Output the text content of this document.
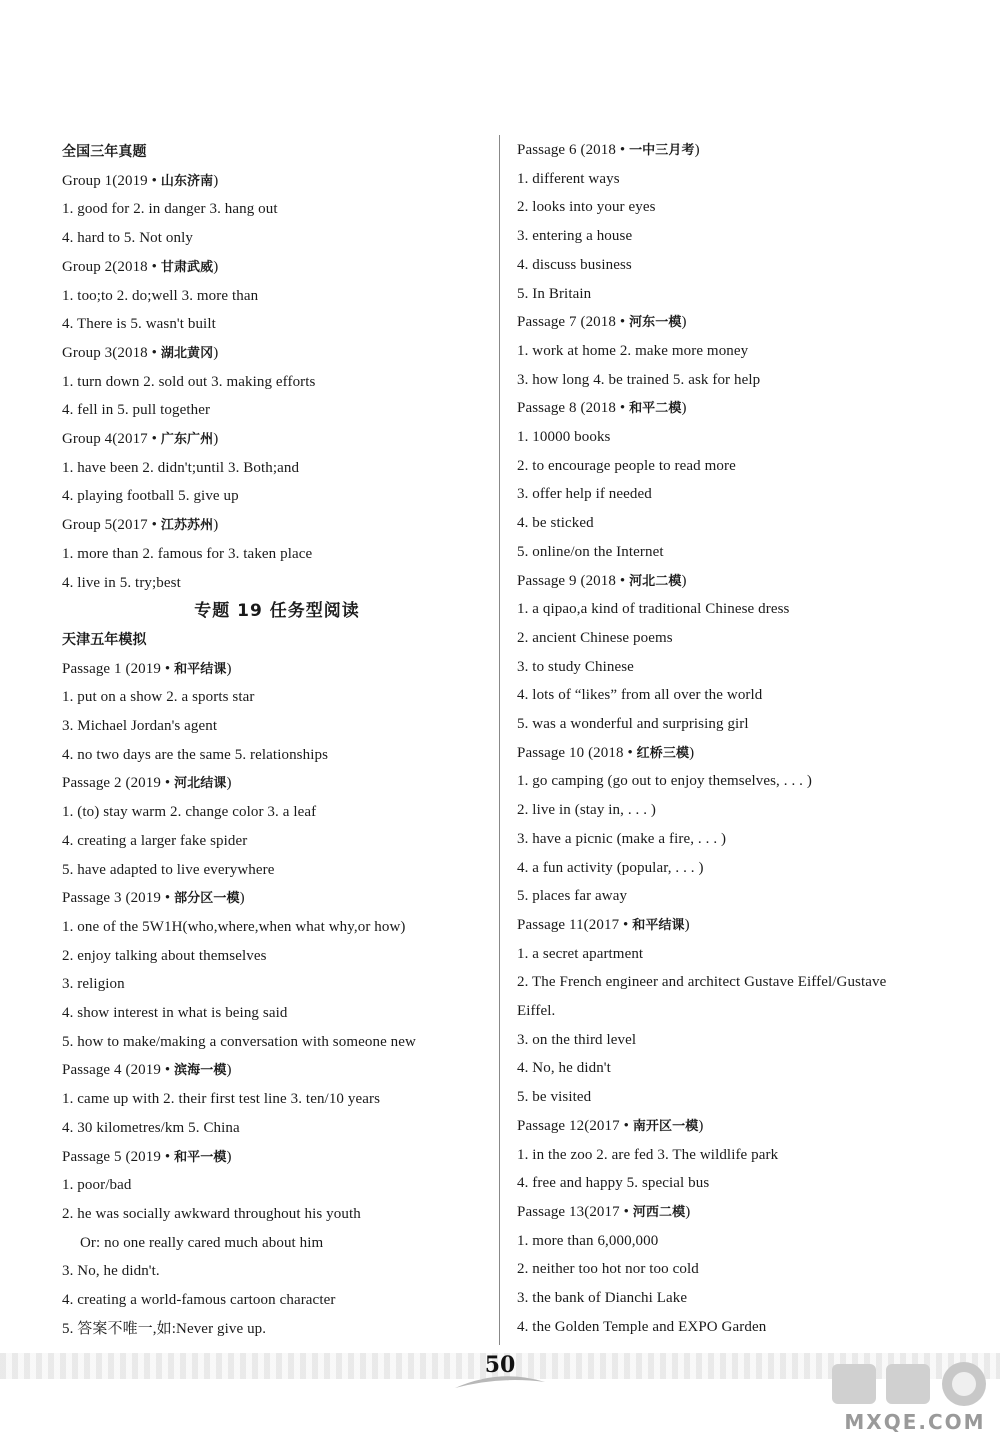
全国三年真题
Group 1(2019 • 山东济南)
1. good for 2. in danger 3. hang out
4. hard to 5. Not only
Group 2(2018 • 甘肃武威)
1. too;to 2. do;well 3. more than
4. There is 5. wasn't built
Group 3(2018 • 湖北黄冈)
1. turn down 2. sold out 3. making efforts
4. fell in 5. pull together
Group 4(2017 • 广东广州)
1. have been 2. didn't;until 3. Both;and
4. playing football 5. give up
Group 5(2017 • 江苏苏州)
1. more than 2. famous for 3. taken place
4. live in 5. try;best
专题 19 任务型阅读
天津五年模拟
Passage 1 (2019 • 和平结课)
1. put on a show 2. a sports star
3. Michael Jordan's agent
4. no two days are the same 5. relationships
Passage 2 (2019 • 河北结课)
1. (to) stay warm 2. change color 3. a leaf
4. creating a larger fake spider
5. have adapted to live everywhere
Passage 3 (2019 • 部分区一模)
1. one of the 5W1H(who,where,when what why,or how)
2. enjoy talking about themselves
3. religion
4. show interest in what is being said
5. how to make/making a conversation with someone new
Passage 4 (2019 • 滨海一模)
1. came up with 2. their first test line 3. ten/10 years
4. 30 kilometres/km 5. China
Passage 5 (2019 • 和平一模)
1. poor/bad
2. he was socially awkward throughout his youth
Or: no one really cared much about him
3. No, he didn't.
4. creating a world-famous cartoon character
5. 答案不唯一,如:Never give up.
Passage 6 (2018 • 一中三月考)
1. different ways
2. looks into your eyes
3. entering a house
4. discuss business
5. In Britain
Passage 7 (2018 • 河东一模)
1. work at home 2. make more money
3. how long 4. be trained 5. ask for help
Passage 8 (2018 • 和平二模)
1. 10000 books
2. to encourage people to read more
3. offer help if needed
4. be sticked
5. online/on the Internet
Passage 9 (2018 • 河北二模)
1. a qipao,a kind of traditional Chinese dress
2. ancient Chinese poems
3. to study Chinese
4. lots of “likes” from all over the world
5. was a wonderful and surprising girl
Passage 10 (2018 • 红桥三模)
1. go camping (go out to enjoy themselves, . . . )
2. live in (stay in, . . . )
3. have a picnic (make a fire, . . . )
4. a fun activity (popular, . . . )
5. places far away
Passage 11(2017 • 和平结课)
1. a secret apartment
2. The French engineer and architect Gustave Eiffel/Gustave
Eiffel.
3. on the third level
4. No, he didn't
5. be visited
Passage 12(2017 • 南开区一模)
1. in the zoo 2. are fed 3. The wildlife park
4. free and happy 5. special bus
Passage 13(2017 • 河西二模)
1. more than 6,000,000
2. neither too hot nor too cold
3. the bank of Dianchi Lake
4. the Golden Temple and EXPO Garden
50
MXQE.COM
